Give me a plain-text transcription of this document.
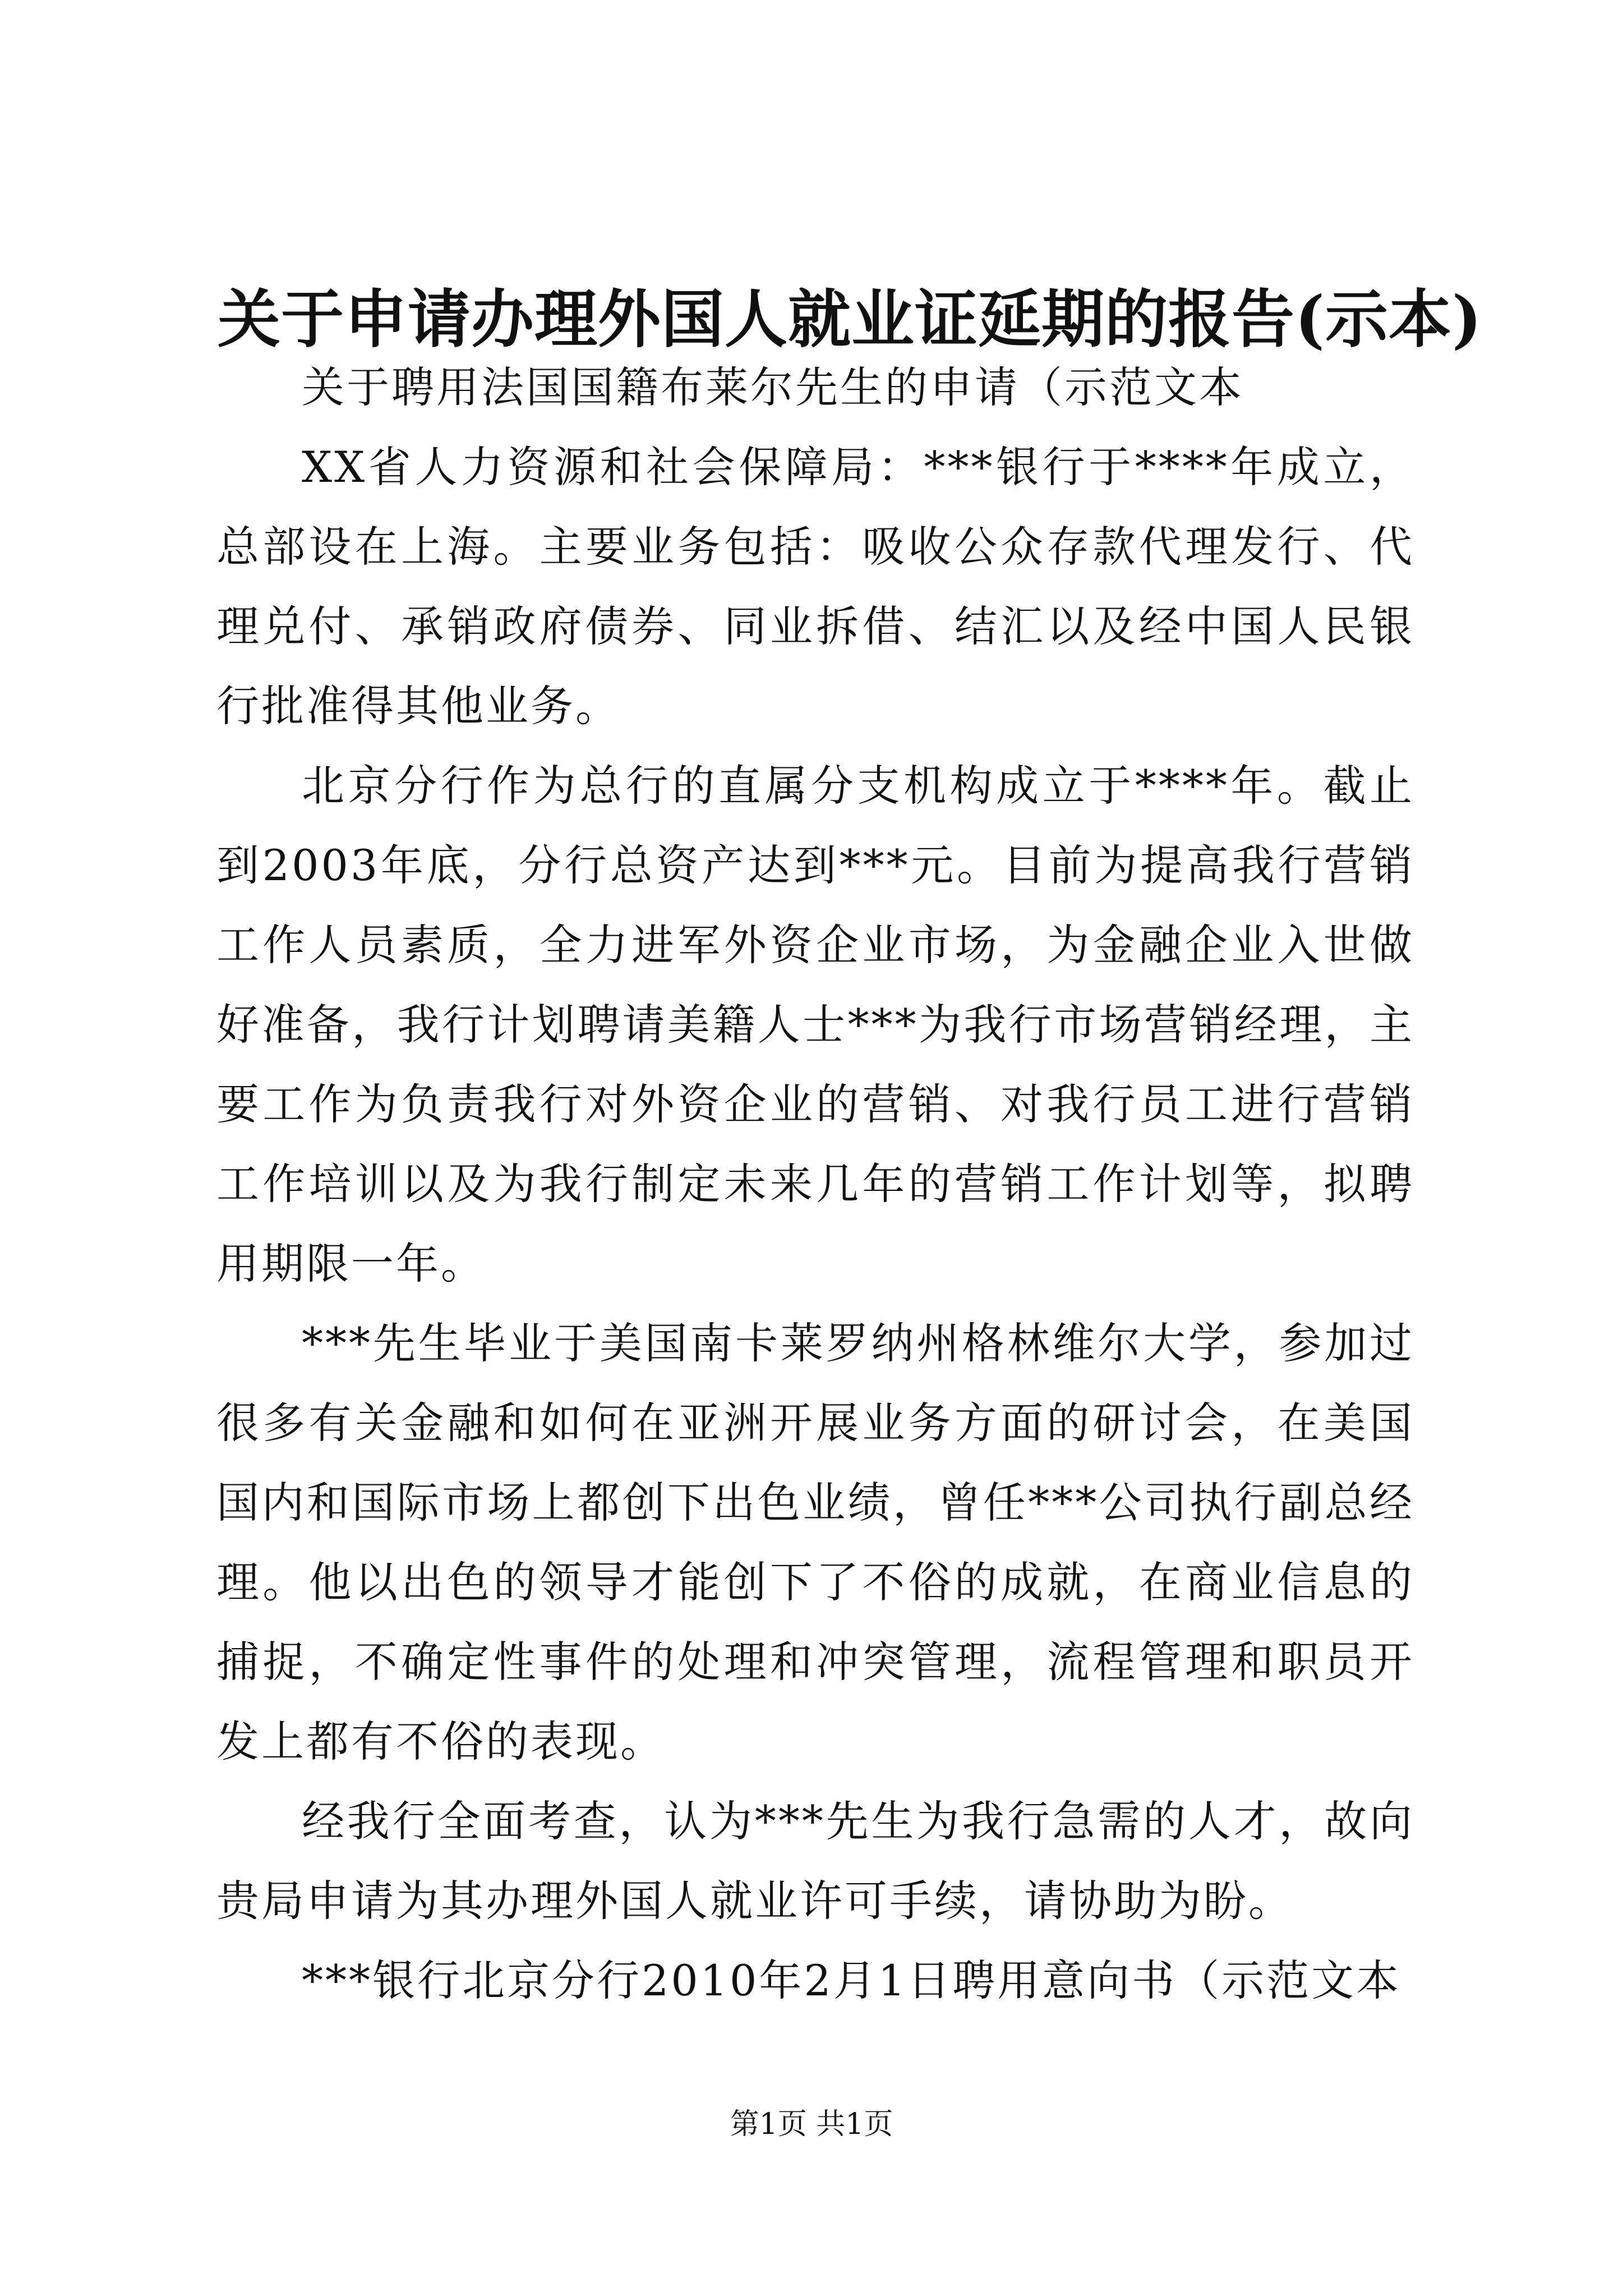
关于申请办理外国人就业证延期的报告(示本)

关于聘用法国国籍布莱尔先生的申请（示范文本

XX省人力资源和社会保障局：***银行于****年成立，总部设在上海。主要业务包括：吸收公众存款代理发行、代理兑付、承销政府债券、同业拆借、结汇以及经中国人民银行批准得其他业务。

北京分行作为总行的直属分支机构成立于****年。截止到2003年底，分行总资产达到***元。目前为提高我行营销工作人员素质，全力进军外资企业市场，为金融企业入世做好准备，我行计划聘请美籍人士***为我行市场营销经理，主要工作为负责我行对外资企业的营销、对我行员工进行营销工作培训以及为我行制定未来几年的营销工作计划等，拟聘用期限一年。

***先生毕业于美国南卡莱罗纳州格林维尔大学，参加过很多有关金融和如何在亚洲开展业务方面的研讨会，在美国国内和国际市场上都创下出色业绩，曾任***公司执行副总经理。他以出色的领导才能创下了不俗的成就，在商业信息的捕捉，不确定性事件的处理和冲突管理，流程管理和职员开发上都有不俗的表现。

经我行全面考查，认为***先生为我行急需的人才，故向贵局申请为其办理外国人就业许可手续，请协助为盼。

***银行北京分行2010年2月1日聘用意向书（示范文本

第1页 共1页
